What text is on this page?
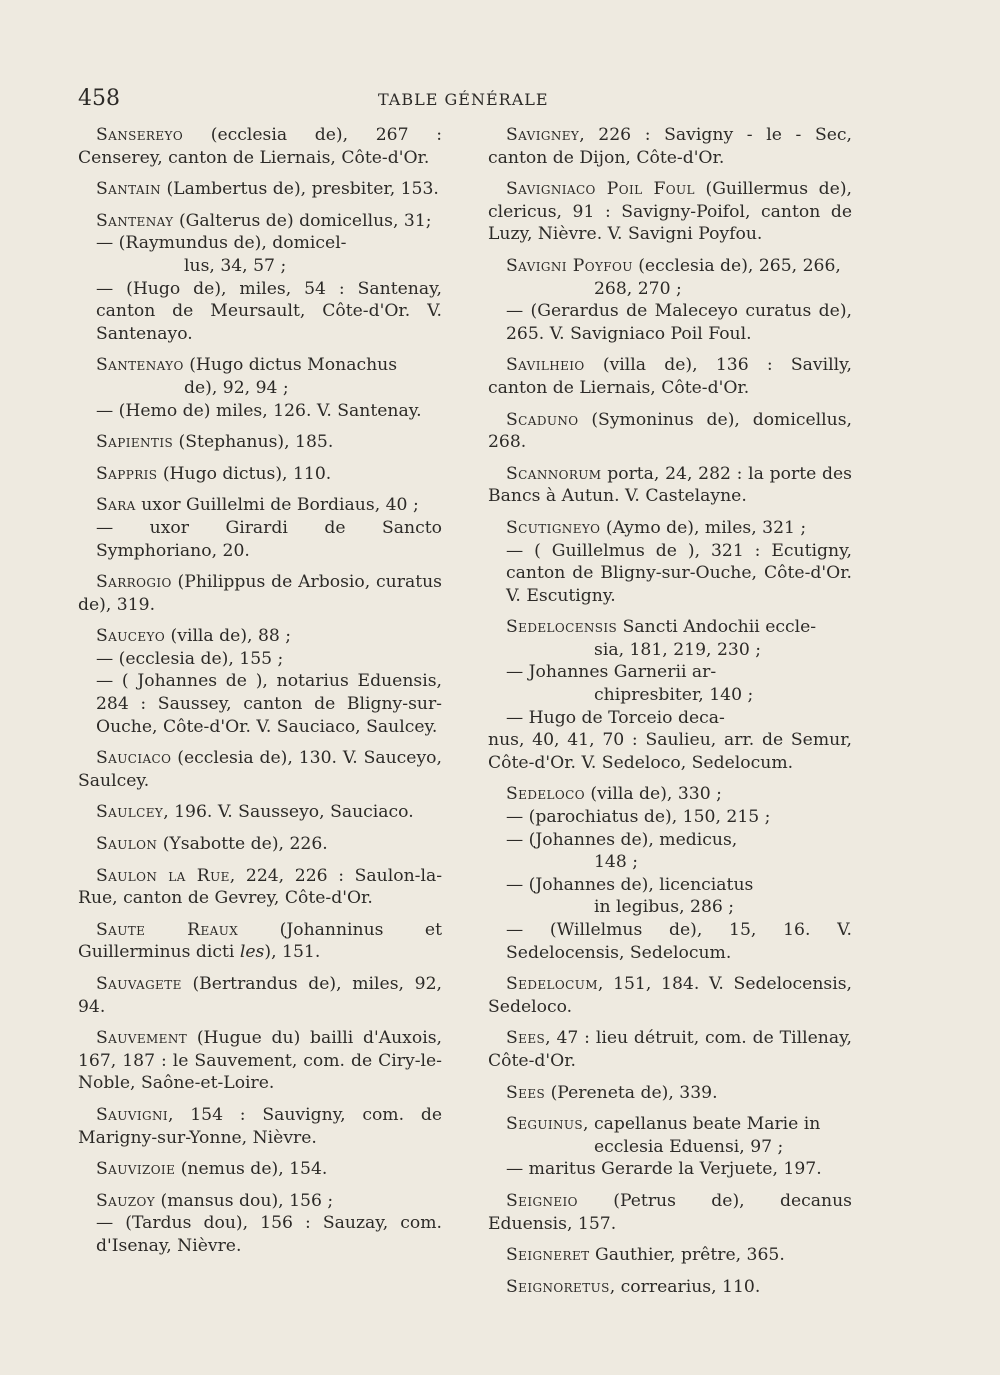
458	TABLE GÉNÉRALE
Sansereyo (ecclesia de), 267 : Censerey, canton de Liernais, Côte-d'Or.
Santain (Lambertus de), presbiter, 153.
Santenay (Galterus de) domicellus, 31;
— (Raymundus de), domicel-
lus, 34, 57 ;
— (Hugo de), miles, 54 : Santenay, canton de Meursault, Côte-d'Or. V. Santenayo.
Santenayo (Hugo dictus Monachus
de), 92, 94 ;
— (Hemo de) miles, 126. V. Santenay.
Sapientis (Stephanus), 185.
Sappris (Hugo dictus), 110.
Sara uxor Guillelmi de Bordiaus, 40 ;
— uxor Girardi de Sancto Symphoriano, 20.
Sarrogio (Philippus de Arbosio, curatus de), 319.
Sauceyo (villa de), 88 ;
— (ecclesia de), 155 ;
— ( Johannes de ), notarius Eduensis, 284 : Saussey, canton de Bligny-sur-Ouche, Côte-d'Or. V. Sauciaco, Saulcey.
Sauciaco (ecclesia de), 130. V. Sauceyo, Saulcey.
Saulcey, 196. V. Sausseyo, Sauciaco.
Saulon (Ysabotte de), 226.
Saulon la Rue, 224, 226 : Saulon-la-Rue, canton de Gevrey, Côte-d'Or.
Saute Reaux (Johanninus et Guillerminus dicti les), 151.
Sauvagete (Bertrandus de), miles, 92, 94.
Sauvement (Hugue du) bailli d'Auxois, 167, 187 : le Sauvement, com. de Ciry-le-Noble, Saône-et-Loire.
Sauvigni, 154 : Sauvigny, com. de Marigny-sur-Yonne, Nièvre.
Sauvizoie (nemus de), 154.
Sauzoy (mansus dou), 156 ;
— (Tardus dou), 156 : Sauzay, com. d'Isenay, Nièvre.
Savigney, 226 : Savigny - le - Sec, canton de Dijon, Côte-d'Or.
Savigniaco Poil Foul (Guillermus de), clericus, 91 : Savigny-Poifol, canton de Luzy, Nièvre. V. Savigni Poyfou.
Savigni Poyfou (ecclesia de), 265, 266,
268, 270 ;
— (Gerardus de Maleceyo curatus de), 265. V. Savigniaco Poil Foul.
Savilheio (villa de), 136 : Savilly, canton de Liernais, Côte-d'Or.
Scaduno (Symoninus de), domicellus, 268.
Scannorum porta, 24, 282 : la porte des Bancs à Autun. V. Castelayne.
Scutigneyo (Aymo de), miles, 321 ;
— ( Guillelmus de ), 321 : Ecutigny, canton de Bligny-sur-Ouche, Côte-d'Or. V. Escutigny.
Sedelocensis Sancti Andochii eccle-
sia, 181, 219, 230 ;
— Johannes Garnerii ar-
chipresbiter, 140 ;
— Hugo de Torceio deca-
nus, 40, 41, 70 : Saulieu, arr. de Semur, Côte-d'Or. V. Sedeloco, Sedelocum.
Sedeloco (villa de), 330 ;
— (parochiatus de), 150, 215 ;
— (Johannes de), medicus,
148 ;
— (Johannes de), licenciatus
in legibus, 286 ;
— (Willelmus de), 15, 16. V. Sedelocensis, Sedelocum.
Sedelocum, 151, 184. V. Sedelocensis, Sedeloco.
Sees, 47 : lieu détruit, com. de Tillenay, Côte-d'Or.
Sees (Pereneta de), 339.
Seguinus, capellanus beate Marie in
ecclesia Eduensi, 97 ;
— maritus Gerarde la Verjuete, 197.
Seigneio (Petrus de), decanus Eduensis, 157.
Seigneret Gauthier, prêtre, 365.
Seignoretus, correarius, 110.
